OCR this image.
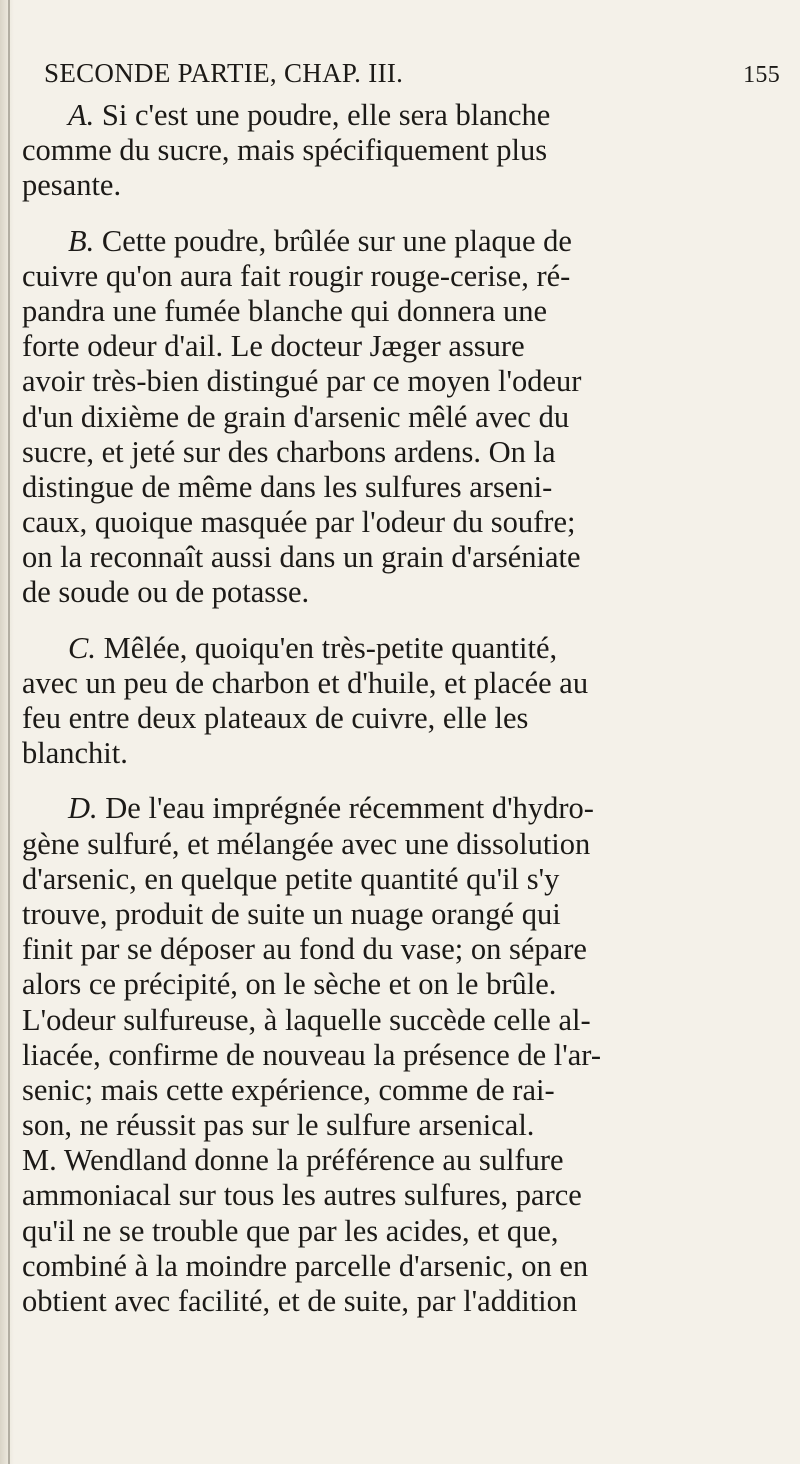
SECONDE PARTIE, CHAP. III.	155
A. Si c'est une poudre, elle sera blanche
comme du sucre, mais spécifiquement plus
pesante.
B. Cette poudre, brûlée sur une plaque de
cuivre qu'on aura fait rougir rouge-cerise, ré-
pandra une fumée blanche qui donnera une
forte odeur d'ail. Le docteur Jæger assure
avoir très-bien distingué par ce moyen l'odeur
d'un dixième de grain d'arsenic mêlé avec du
sucre, et jeté sur des charbons ardens. On la
distingue de même dans les sulfures arseni-
caux, quoique masquée par l'odeur du soufre;
on la reconnaît aussi dans un grain d'arséniate
de soude ou de potasse.
C. Mêlée, quoiqu'en très-petite quantité,
avec un peu de charbon et d'huile, et placée au
feu entre deux plateaux de cuivre, elle les
blanchit.
D. De l'eau imprégnée récemment d'hydro-
gène sulfuré, et mélangée avec une dissolution
d'arsenic, en quelque petite quantité qu'il s'y
trouve, produit de suite un nuage orangé qui
finit par se déposer au fond du vase; on sépare
alors ce précipité, on le sèche et on le brûle.
L'odeur sulfureuse, à laquelle succède celle al-
liacée, confirme de nouveau la présence de l'ar-
senic; mais cette expérience, comme de rai-
son, ne réussit pas sur le sulfure arsenical.
M. Wendland donne la préférence au sulfure
ammoniacal sur tous les autres sulfures, parce
qu'il ne se trouble que par les acides, et que,
combiné à la moindre parcelle d'arsenic, on en
obtient avec facilité, et de suite, par l'addition
